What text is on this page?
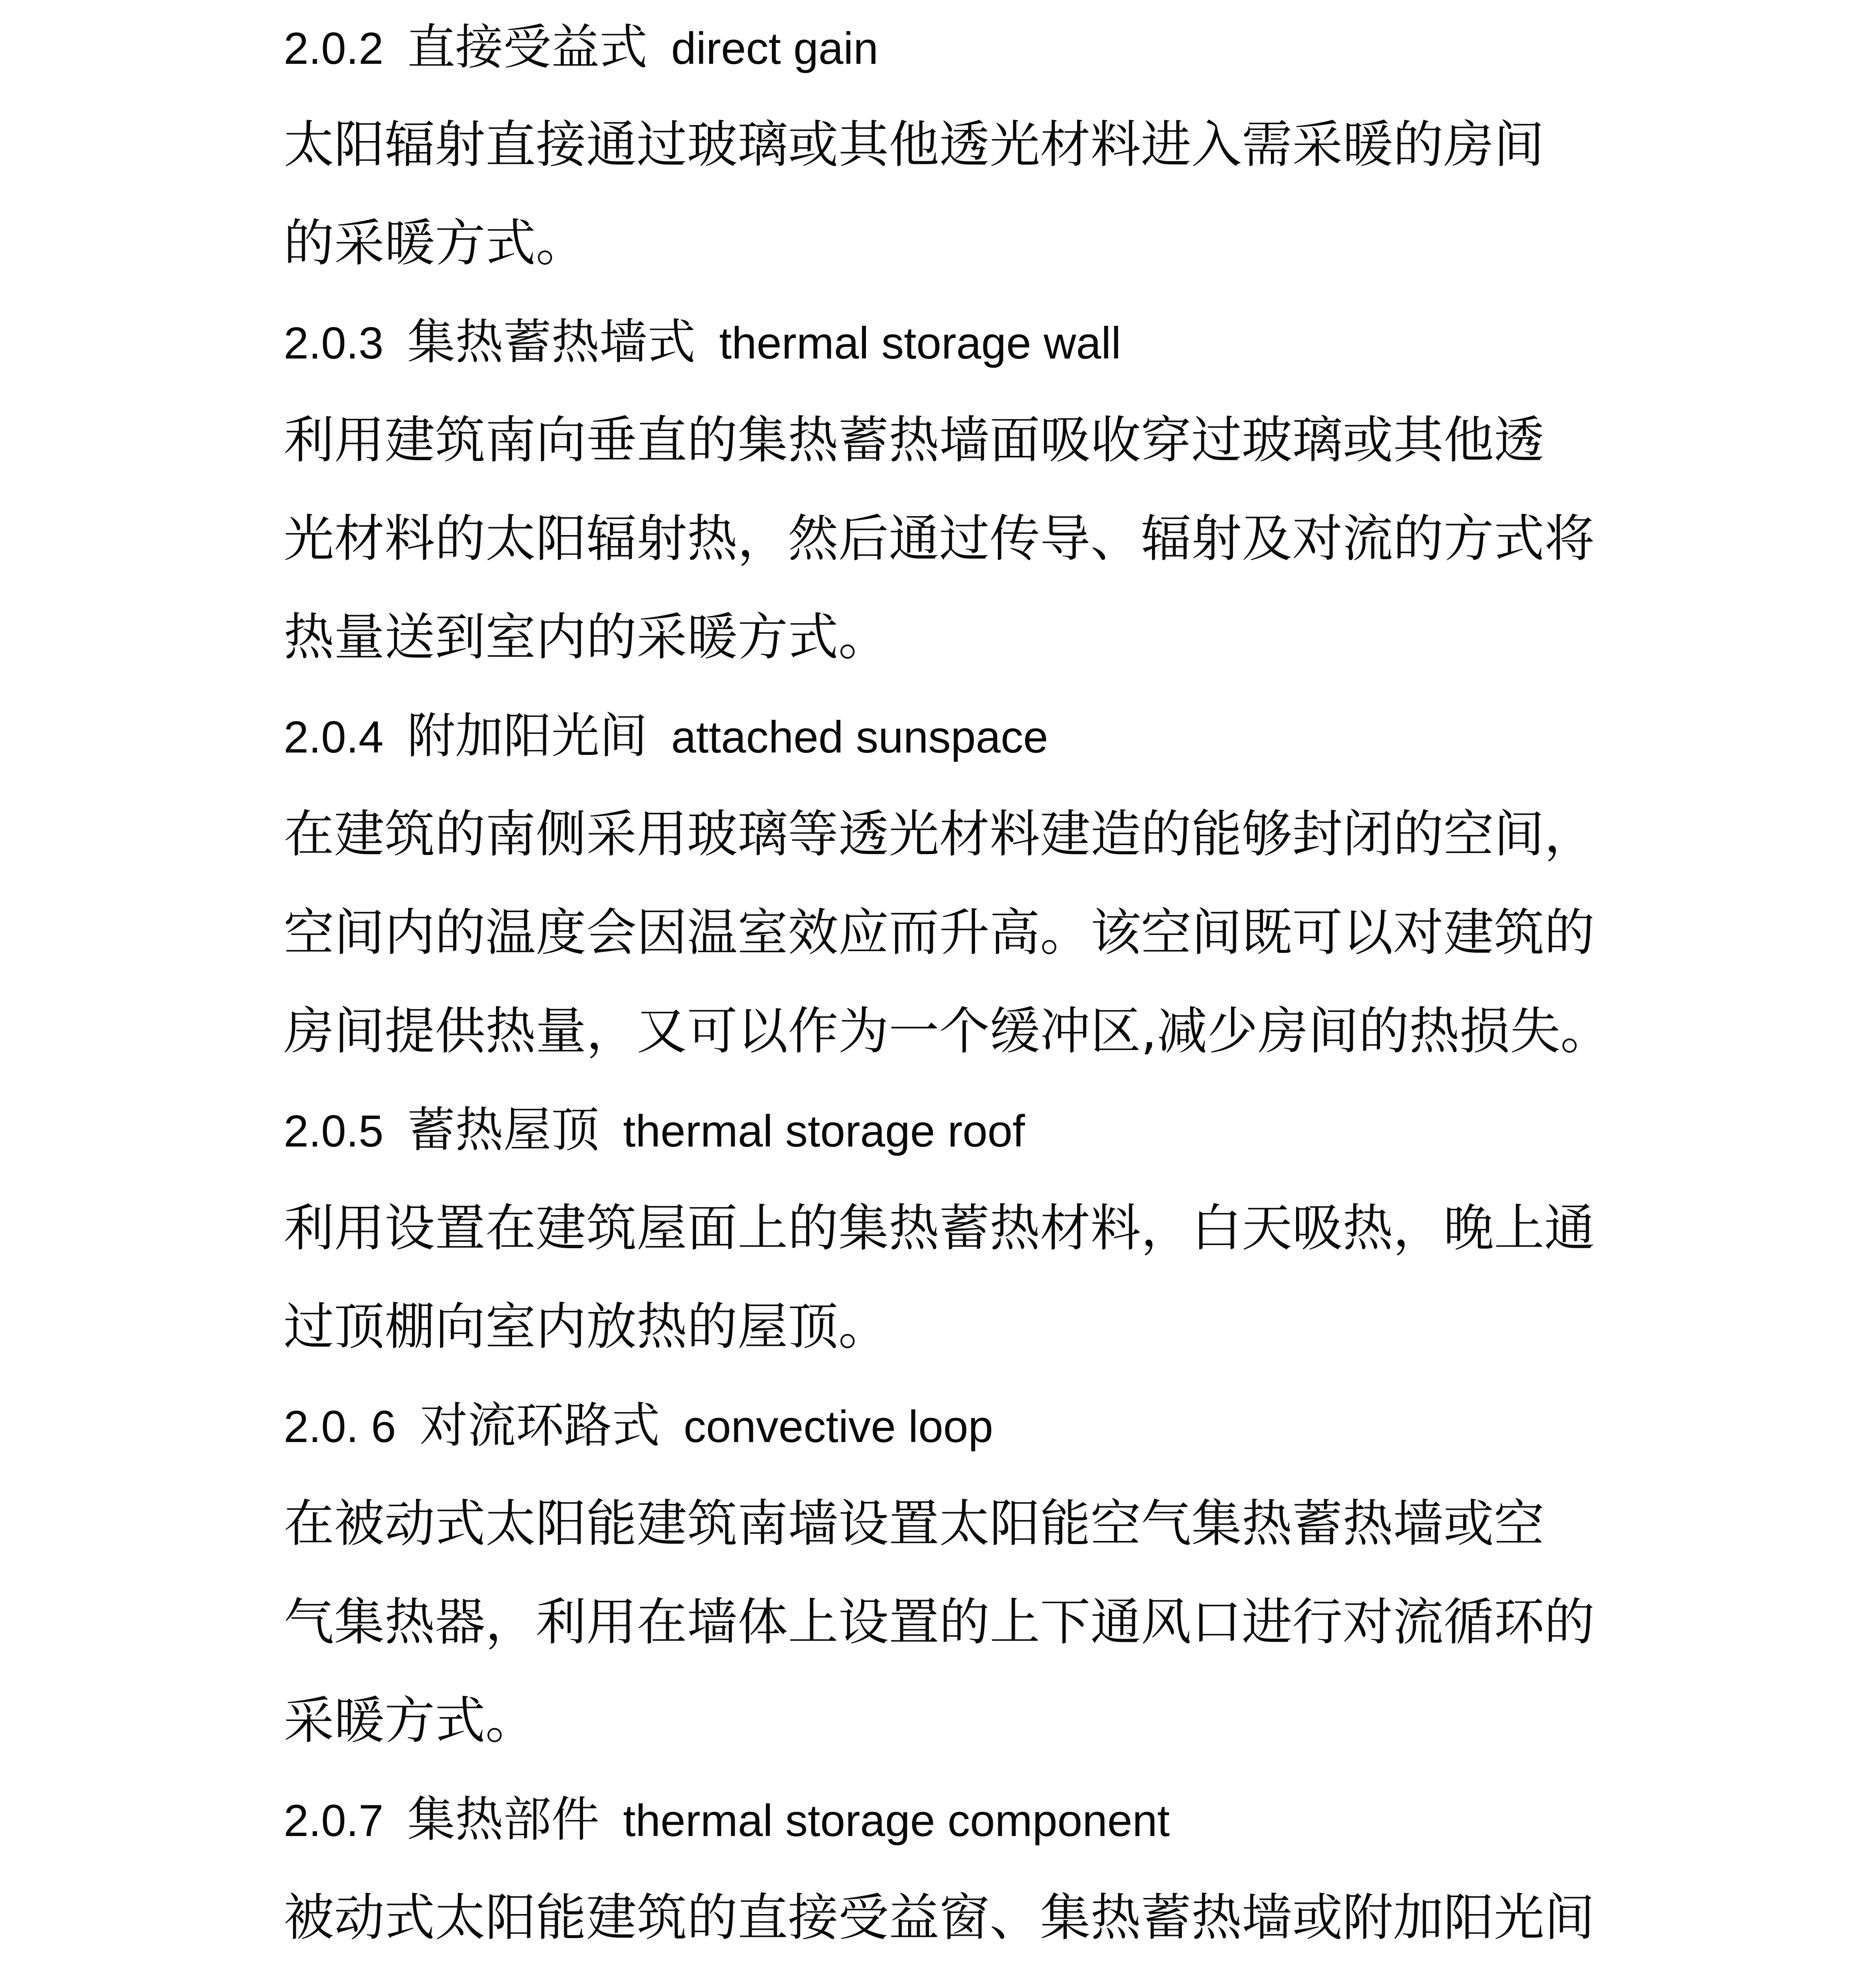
2.0.2 直接受益式 direct gain
太阳辐射直接通过玻璃或其他透光材料进入需采暖的房间
的采暖方式。
2.0.3 集热蓄热墙式 thermal storage wall
利用建筑南向垂直的集热蓄热墙面吸收穿过玻璃或其他透
光材料的太阳辐射热，然后通过传导、辐射及对流的方式将
热量送到室内的采暖方式。
2.0.4 附加阳光间 attached sunspace
在建筑的南侧采用玻璃等透光材料建造的能够封闭的空间，
空间内的温度会因温室效应而升高。该空间既可以对建筑的
房间提供热量，又可以作为一个缓冲区,减少房间的热损失。
2.0.5 蓄热屋顶 thermal storage roof
利用设置在建筑屋面上的集热蓄热材料，白天吸热，晚上通
过顶棚向室内放热的屋顶。
2.0. 6 对流环路式 convective loop
在被动式太阳能建筑南墙设置太阳能空气集热蓄热墙或空
气集热器，利用在墙体上设置的上下通风口进行对流循环的
采暖方式。
2.0.7 集热部件 thermal storage component
被动式太阳能建筑的直接受益窗、集热蓄热墙或附加阳光间
